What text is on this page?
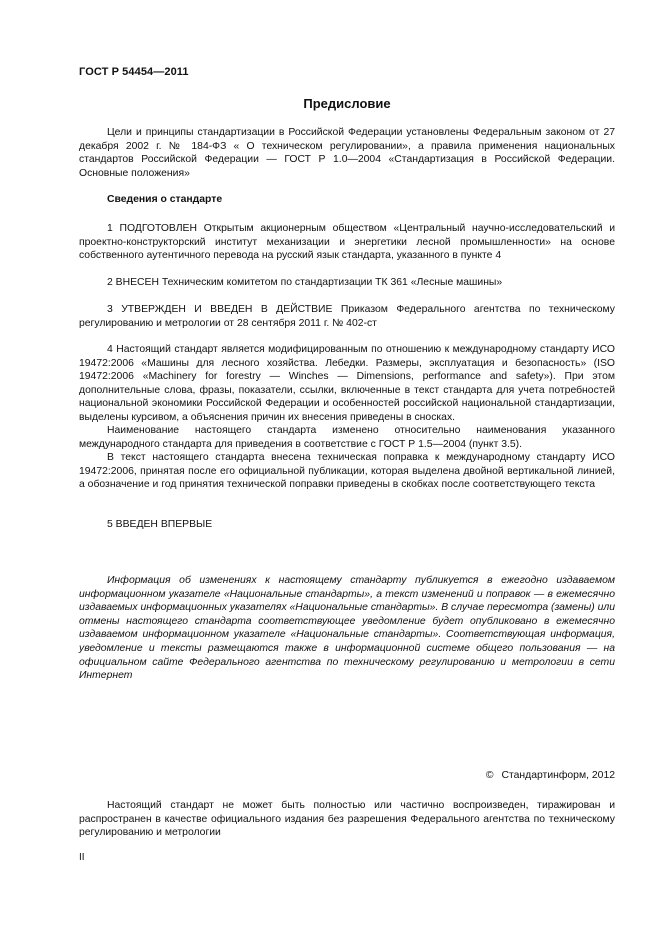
ГОСТ Р 54454—2011
Предисловие

Цели и принципы стандартизации в Российской Федерации установлены Федеральным законом от 27 декабря 2002 г. № 184-ФЗ « О техническом регулировании», а правила применения национальных стандартов Российской Федерации — ГОСТ Р 1.0—2004 «Стандартизация в Российской Федерации. Основные положения»

Сведения о стандарте

1 ПОДГОТОВЛЕН Открытым акционерным обществом «Центральный научно-исследовательский и проектно-конструкторский институт механизации и энергетики лесной промышленности» на основе собственного аутентичного перевода на русский язык стандарта, указанного в пункте 4

2 ВНЕСЕН Техническим комитетом по стандартизации ТК 361 «Лесные машины»

3 УТВЕРЖДЕН И ВВЕДЕН В ДЕЙСТВИЕ Приказом Федерального агентства по техническому регулированию и метрологии от 28 сентября 2011 г. № 402-ст

4 Настоящий стандарт является модифицированным по отношению к международному стандарту ИСО 19472:2006 «Машины для лесного хозяйства. Лебедки. Размеры, эксплуатация и безопасность» (ISO 19472:2006 «Machinery for forestry — Winches — Dimensions, performance and safety»). При этом дополнительные слова, фразы, показатели, ссылки, включенные в текст стандарта для учета потребностей национальной экономики Российской Федерации и особенностей российской национальной стандартизации, выделены курсивом, а объяснения причин их внесения приведены в сносках.

Наименование настоящего стандарта изменено относительно наименования указанного международного стандарта для приведения в соответствие с ГОСТ Р 1.5—2004 (пункт 3.5).

В текст настоящего стандарта внесена техническая поправка к международному стандарту ИСО 19472:2006, принятая после его официальной публикации, которая выделена двойной вертикальной линией, а обозначение и год принятия технической поправки приведены в скобках после соответствующего текста

5 ВВЕДЕН ВПЕРВЫЕ

Информация об изменениях к настоящему стандарту публикуется в ежегодно издаваемом информационном указателе «Национальные стандарты», а текст изменений и поправок — в ежемесячно издаваемых информационных указателях «Национальные стандарты». В случае пересмотра (замены) или отмены настоящего стандарта соответствующее уведомление будет опубликовано в ежемесячно издаваемом информационном указателе «Национальные стандарты». Соответствующая информация, уведомление и тексты размещаются также в информационной системе общего пользования — на официальном сайте Федерального агентства по техническому регулированию и метрологии в сети Интернет

© Стандартинформ, 2012

Настоящий стандарт не может быть полностью или частично воспроизведен, тиражирован и распространен в качестве официального издания без разрешения Федерального агентства по техническому регулированию и метрологии

II
